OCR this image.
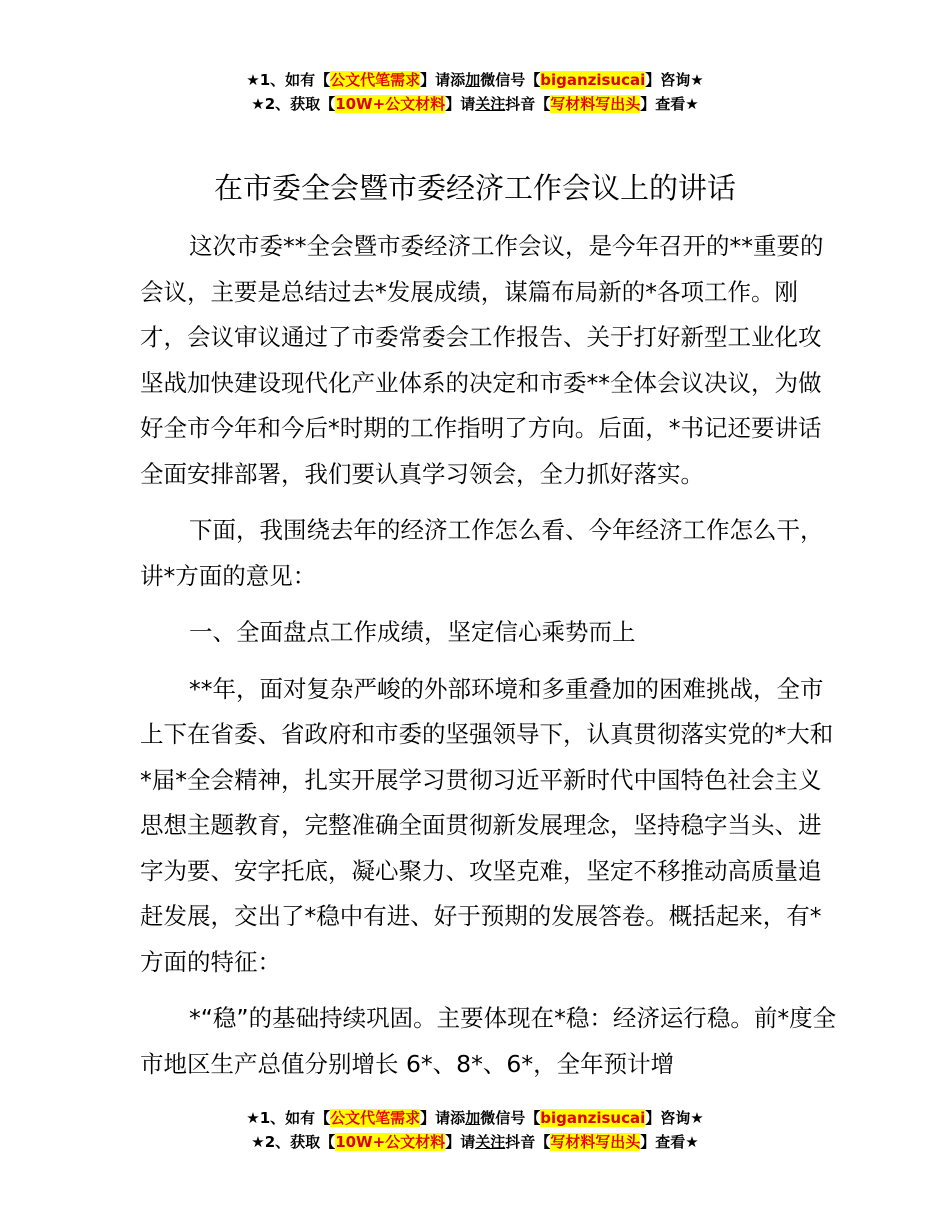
★1、如有【公文代笔需求】请添加微信号【biganzisucai】咨询★
★2、获取【10W+公文材料】请关注抖音【写材料写出头】查看★
在市委全会暨市委经济工作会议上的讲话

这次市委**全会暨市委经济工作会议，是今年召开的**重要的会议，主要是总结过去*发展成绩，谋篇布局新的*各项工作。刚才，会议审议通过了市委常委会工作报告、关于打好新型工业化攻坚战加快建设现代化产业体系的决定和市委**全体会议决议，为做好全市今年和今后*时期的工作指明了方向。后面，*书记还要讲话全面安排部署，我们要认真学习领会，全力抓好落实。

下面，我围绕去年的经济工作怎么看、今年经济工作怎么干，讲*方面的意见：

一、全面盘点工作成绩，坚定信心乘势而上

**年，面对复杂严峻的外部环境和多重叠加的困难挑战，全市上下在省委、省政府和市委的坚强领导下，认真贯彻落实党的*大和*届*全会精神，扎实开展学习贯彻习近平新时代中国特色社会主义思想主题教育，完整准确全面贯彻新发展理念，坚持稳字当头、进字为要、安字托底，凝心聚力、攻坚克难，坚定不移推动高质量追赶发展，交出了*稳中有进、好于预期的发展答卷。概括起来，有*方面的特征：

*“稳”的基础持续巩固。主要体现在*稳：经济运行稳。前*度全市地区生产总值分别增长 6*、8*、6*，全年预计增

★1、如有【公文代笔需求】请添加微信号【biganzisucai】咨询★
★2、获取【10W+公文材料】请关注抖音【写材料写出头】查看★
